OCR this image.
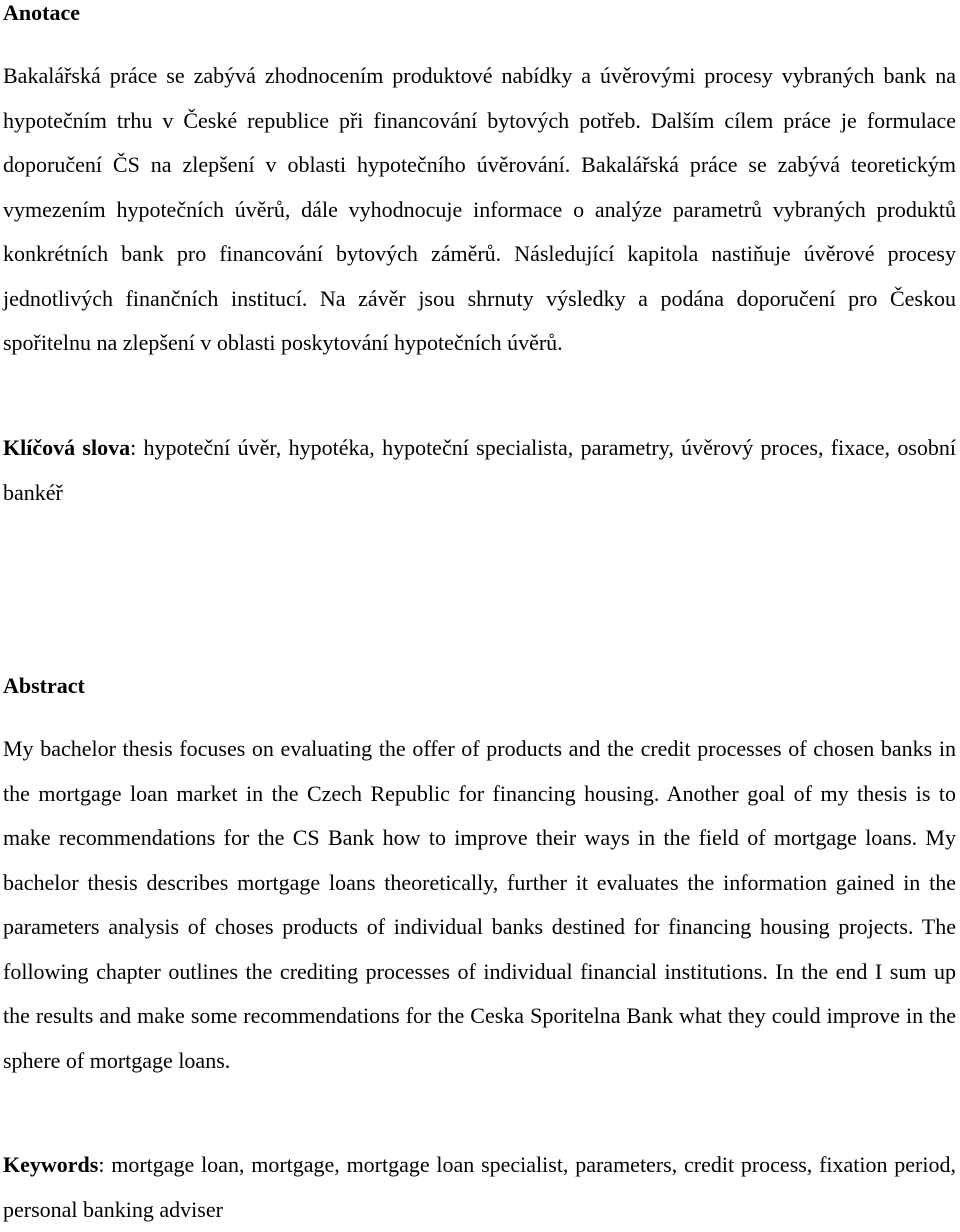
Anotace

Bakalářská práce se zabývá zhodnocením produktové nabídky a úvěrovými procesy vybraných bank na hypotečním trhu v České republice při financování bytových potřeb. Dalším cílem práce je formulace doporučení ČS na zlepšení v oblasti hypotečního úvěrování. Bakalářská práce se zabývá teoretickým vymezením hypotečních úvěrů, dále vyhodnocuje informace o analýze parametrů vybraných produktů konkrétních bank pro financování bytových záměrů. Následující kapitola nastiňuje úvěrové procesy jednotlivých finančních institucí. Na závěr jsou shrnuty výsledky a podána doporučení pro Českou spořitelnu na zlepšení v oblasti poskytování hypotečních úvěrů.

Klíčová slova: hypoteční úvěr, hypotéka, hypoteční specialista, parametry, úvěrový proces, fixace, osobní bankéř

Abstract

My bachelor thesis focuses on evaluating the offer of products and the credit processes of chosen banks in the mortgage loan market in the Czech Republic for financing housing. Another goal of my thesis is to make recommendations for the CS Bank how to improve their ways in the field of mortgage loans. My bachelor thesis describes mortgage loans theoretically, further it evaluates the information gained in the parameters analysis of choses products of individual banks destined for financing housing projects. The following chapter outlines the crediting processes of individual financial institutions. In the end I sum up the results and make some recommendations for the Ceska Sporitelna Bank what they could improve in the sphere of mortgage loans.

Keywords: mortgage loan, mortgage, mortgage loan specialist, parameters, credit process, fixation period, personal banking adviser
